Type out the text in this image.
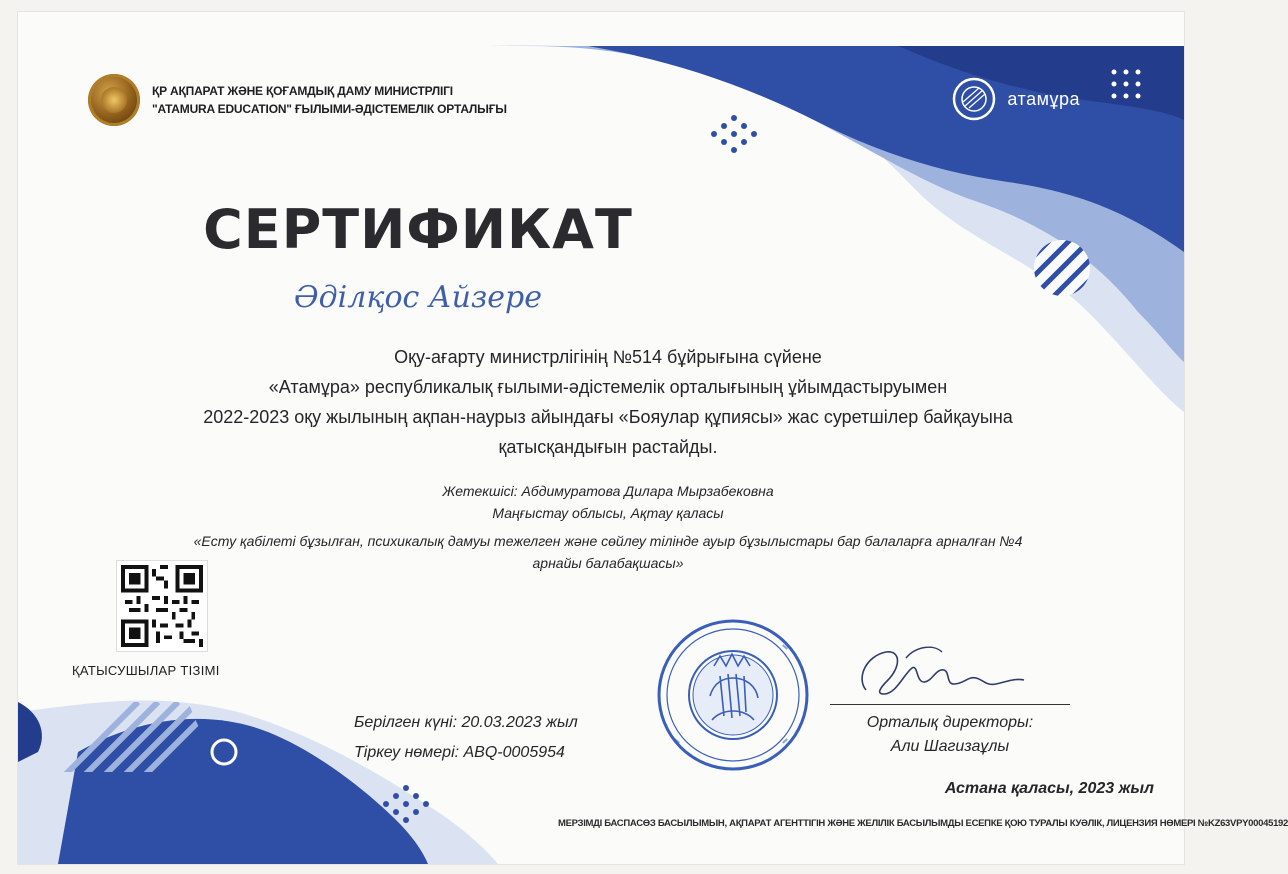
ҚР АҚПАРАТ ЖӘНЕ ҚОҒАМДЫҚ ДАМУ МИНИСТРЛІГІ
"ATAMURA EDUCATION" ҒЫЛЫМИ-ӘДІСТЕМЕЛІК ОРТАЛЫҒЫ
атамұра
СЕРТИФИКАТ
Әділқос Айзере
Оқу-ағарту министрлігінің №514 бұйрығына сүйене
«Атамұра» республикалық ғылыми-әдістемелік орталығының ұйымдастыруымен
2022-2023 оқу жылының ақпан-наурыз айындағы «Бояулар құпиясы» жас суретшілер байқауына
қатысқандығын растайды.
Жетекшісі: Абдимуратова Дилара Мырзабековна
Маңғыстау облысы, Ақтау қаласы
«Есту қабілеті бұзылған, психикалық дамуы тежелген және сөйлеу тілінде ауыр бұзылыстары бар балаларға арналған №4
арнайы балабақшасы»
ҚАТЫСУШЫЛАР ТІЗІМІ
Берілген күні: 20.03.2023 жыл
Тіркеу нөмері: ABQ-0005954
Орталық директоры:
Али Шагизаұлы
Астана қаласы, 2023 жыл
МЕРЗІМДІ БАСПАСӨЗ БАСЫЛЫМЫН, АҚПАРАТ АГЕНТТІГІН ЖӘНЕ ЖЕЛІЛІК БАСЫЛЫМДЫ ЕСЕПКЕ ҚОЮ ТУРАЛЫ КУӘЛІК, ЛИЦЕНЗИЯ НӨМЕРІ №KZ63VPY00045192
